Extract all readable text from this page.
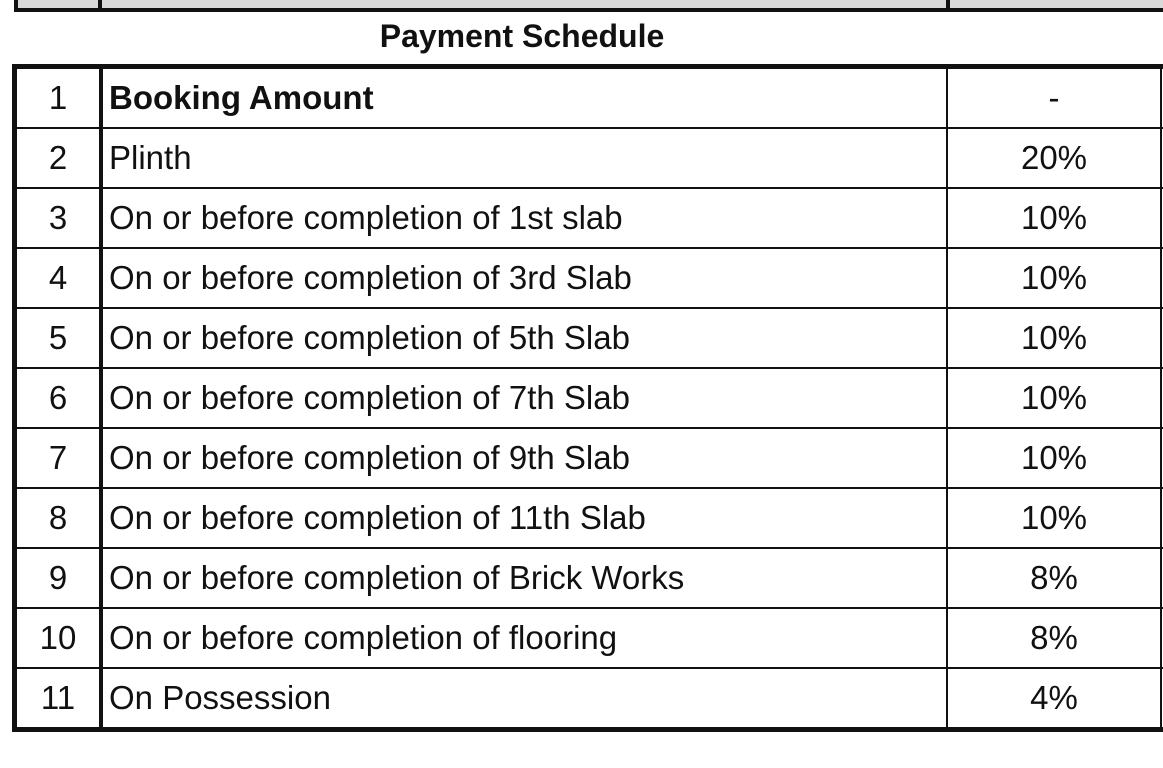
Payment Schedule
1	Booking Amount	-	
2	Plinth	20%	
3	On or before completion of 1st slab	10%	
4	On or before completion of 3rd Slab	10%	
5	On or before completion of 5th Slab	10%	
6	On or before completion of 7th Slab	10%	
7	On or before completion of 9th Slab	10%	
8	On or before completion of 11th Slab	10%	
9	On or before completion of Brick Works	8%	
10	On or before completion of flooring	8%	
11	On Possession	4%	
